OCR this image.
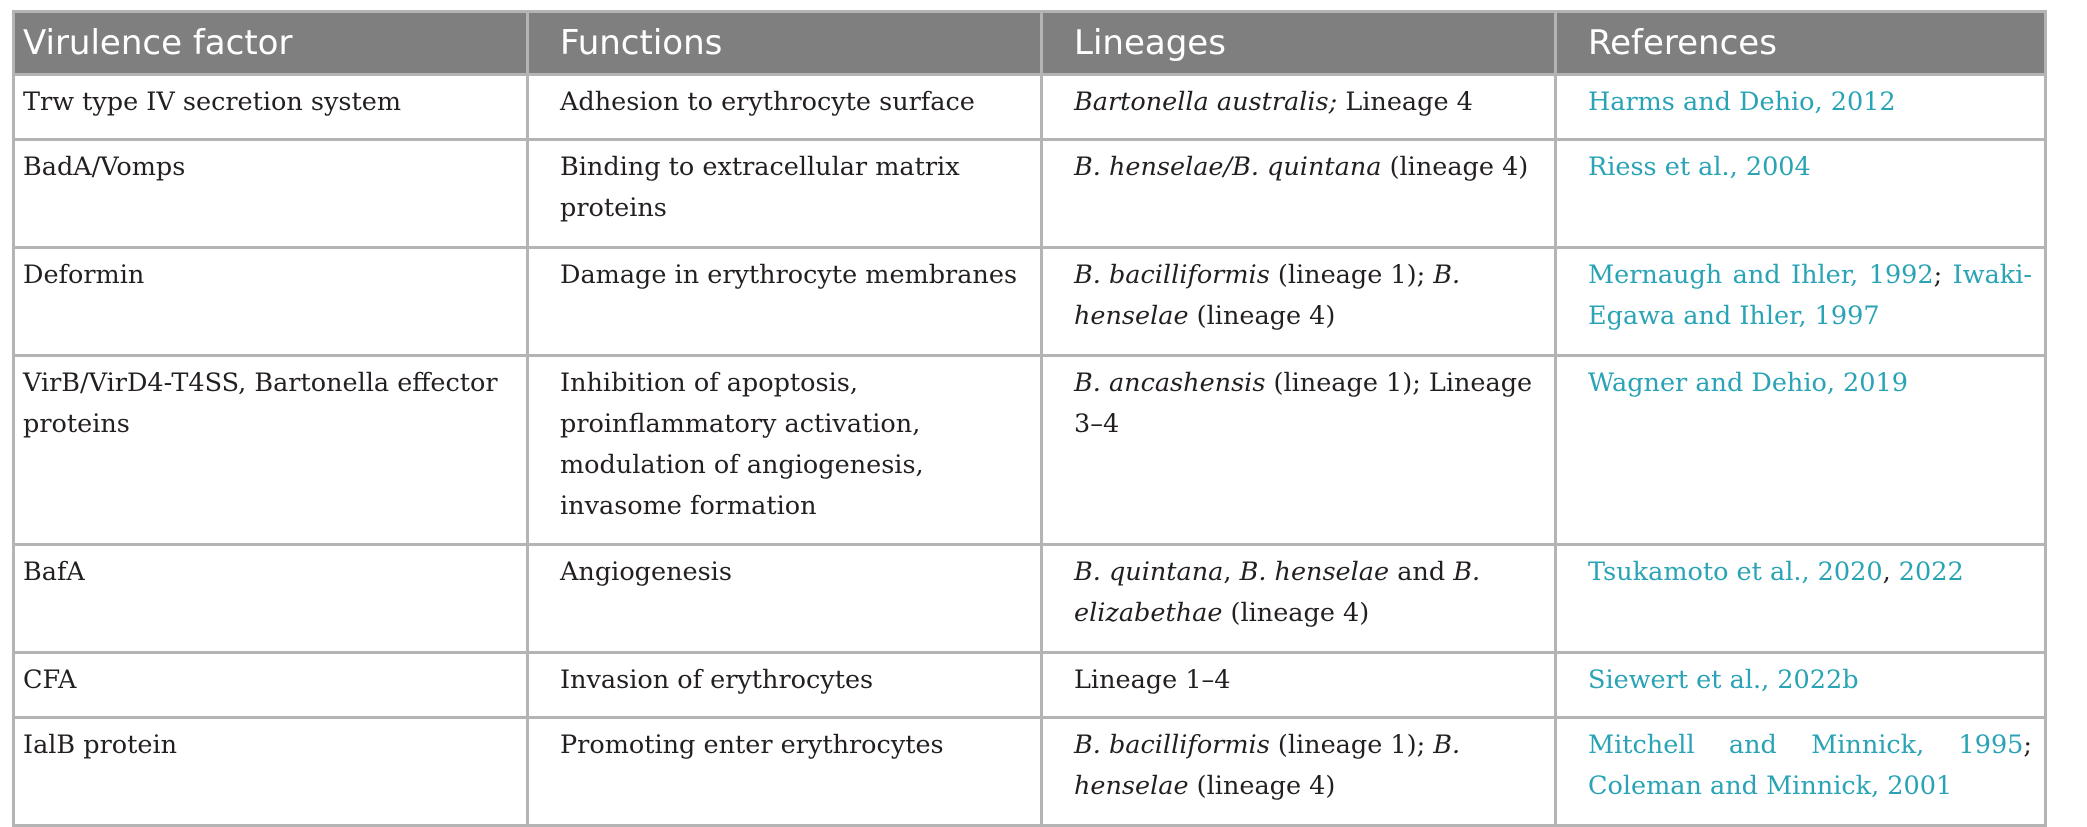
Virulence factor	Functions	Lineages	References
Trw type IV secretion system	Adhesion to erythrocyte surface	Bartonella australis; Lineage 4	Harms and Dehio, 2012
BadA/Vomps	Binding to extracellular matrix proteins	B. henselae/B. quintana (lineage 4)	Riess et al., 2004
Deformin	Damage in erythrocyte membranes	B. bacilliformis (lineage 1); B. henselae (lineage 4)	Mernaugh and Ihler, 1992; Iwaki-Egawa and Ihler, 1997
VirB/VirD4-T4SS, Bartonella effector proteins	Inhibition of apoptosis, proinflammatory activation, modulation of angiogenesis, invasome formation	B. ancashensis (lineage 1); Lineage 3–4	Wagner and Dehio, 2019
BafA	Angiogenesis	B. quintana, B. henselae and B. elizabethae (lineage 4)	Tsukamoto et al., 2020, 2022
CFA	Invasion of erythrocytes	Lineage 1–4	Siewert et al., 2022b
IalB protein	Promoting enter erythrocytes	B. bacilliformis (lineage 1); B. henselae (lineage 4)	Mitchell and Minnick, 1995; Coleman and Minnick, 2001
